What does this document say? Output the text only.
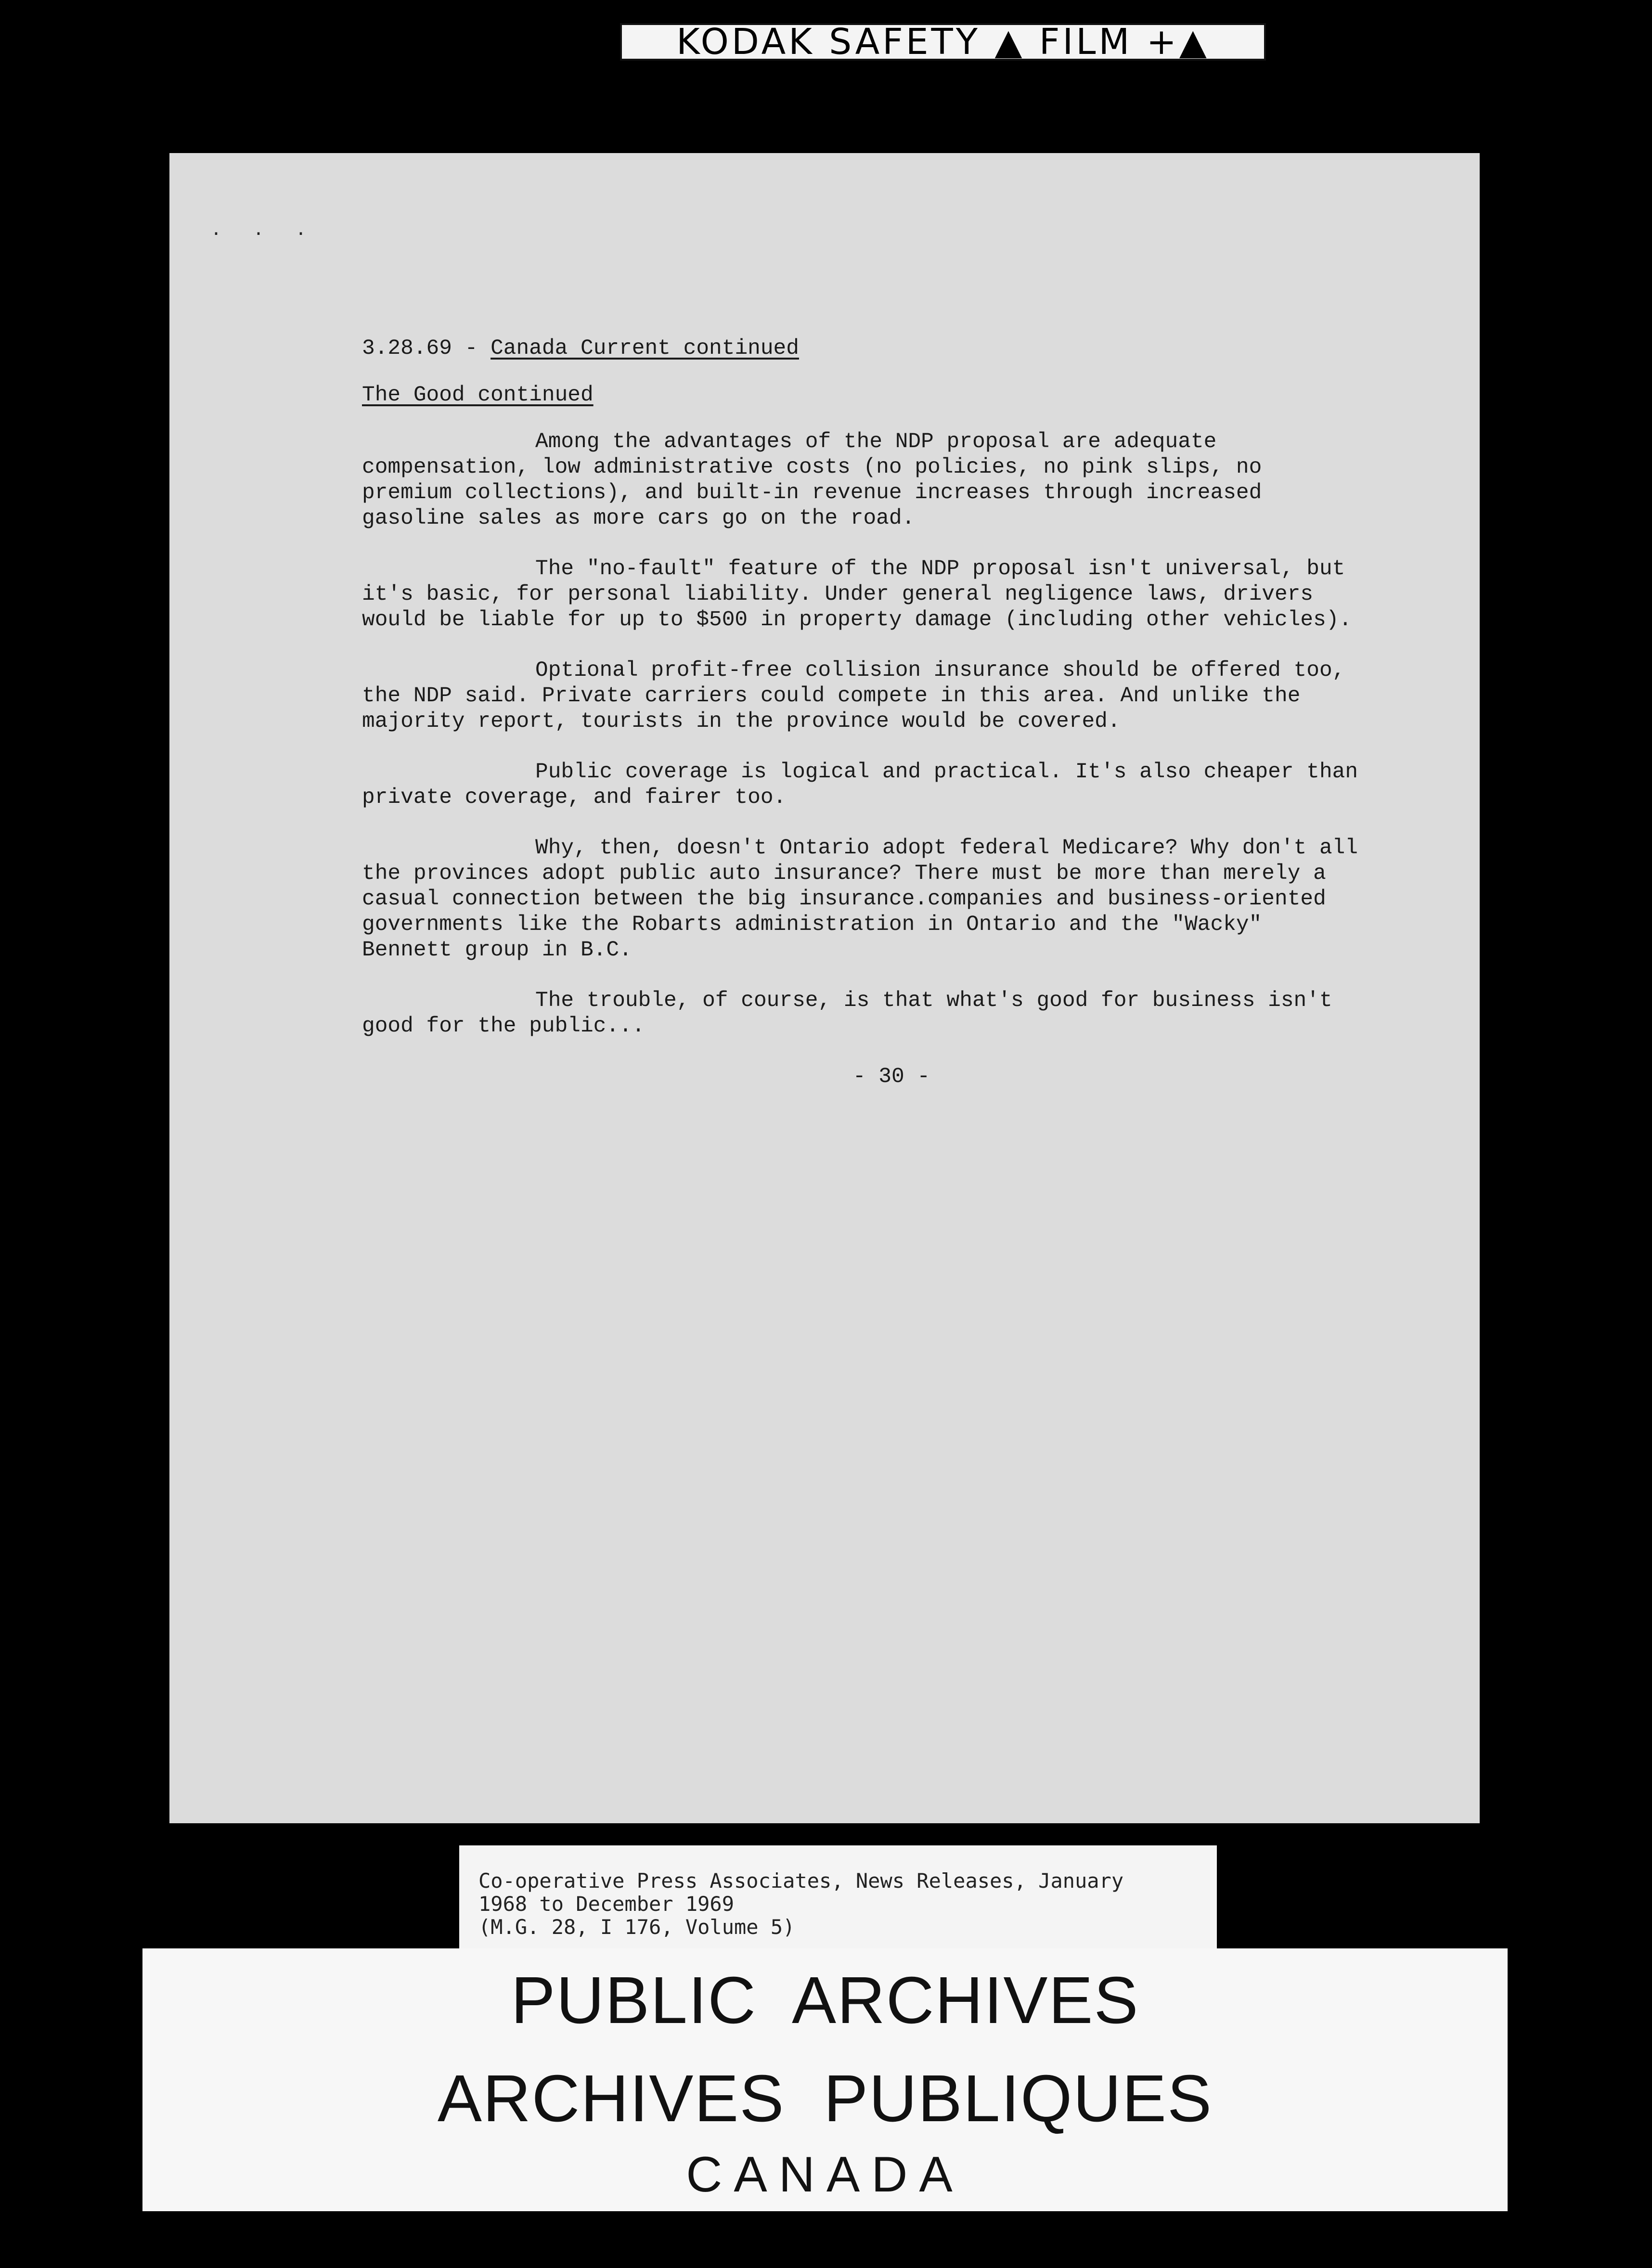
KODAK SAFETY ▲ FILM +▲
. . .
3.28.69 - Canada Current continued
The Good continued

Among the advantages of the NDP proposal are adequate compensation, low administrative costs (no policies, no pink slips, no premium collections), and built-in revenue increases through increased gasoline sales as more cars go on the road.

The "no-fault" feature of the NDP proposal isn't universal, but it's basic, for personal liability. Under general negligence laws, drivers would be liable for up to $500 in property damage (including other vehicles).

Optional profit-free collision insurance should be offered too, the NDP said. Private carriers could compete in this area. And unlike the majority report, tourists in the province would be covered.

Public coverage is logical and practical. It's also cheaper than private coverage, and fairer too.

Why, then, doesn't Ontario adopt federal Medicare? Why don't all the provinces adopt public auto insurance? There must be more than merely a casual connection between the big insurance.companies and business-oriented governments like the Robarts administration in Ontario and the "Wacky" Bennett group in B.C.

The trouble, of course, is that what's good for business isn't good for the public...

- 30 -
Co-operative Press Associates, News Releases, January
1968 to December 1969
(M.G. 28, I 176, Volume 5)
PUBLIC  ARCHIVES
ARCHIVES  PUBLIQUES
CANADA
